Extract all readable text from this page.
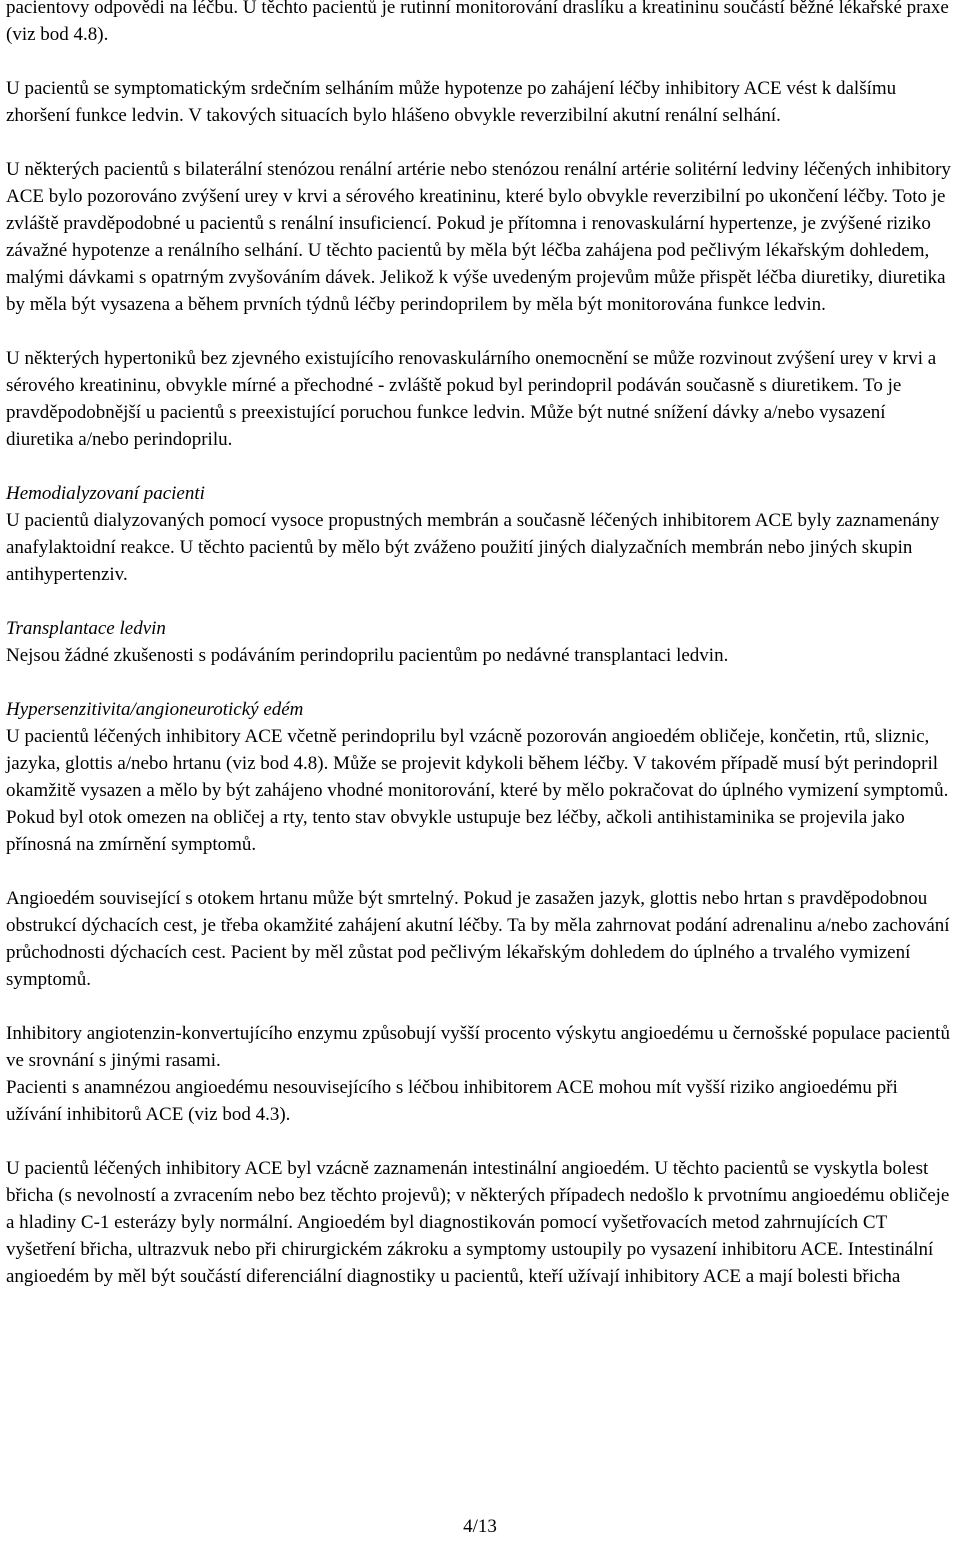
pacientovy odpovědi na léčbu. U těchto pacientů je rutinní monitorování draslíku a kreatininu součástí běžné lékařské praxe (viz bod 4.8).

U pacientů se symptomatickým srdečním selháním může hypotenze po zahájení léčby inhibitory ACE vést k dalšímu zhoršení funkce ledvin. V takových situacích bylo hlášeno obvykle reverzibilní akutní renální selhání.

U některých pacientů s bilaterální stenózou renální artérie nebo stenózou renální artérie solitérní ledviny léčených inhibitory ACE bylo pozorováno zvýšení urey v krvi a sérového kreatininu, které bylo obvykle reverzibilní po ukončení léčby. Toto je zvláště pravděpodobné u pacientů s renální insuficiencí. Pokud je přítomna i renovaskulární hypertenze, je zvýšené riziko závažné hypotenze a renálního selhání. U těchto pacientů by měla být léčba zahájena pod pečlivým lékařským dohledem, malými dávkami s opatrným zvyšováním dávek. Jelikož k výše uvedeným projevům může přispět léčba diuretiky, diuretika by měla být vysazena a během prvních týdnů léčby perindoprilem by měla být monitorována funkce ledvin.

U některých hypertoniků bez zjevného existujícího renovaskulárního onemocnění se může rozvinout zvýšení urey v krvi a sérového kreatininu, obvykle mírné a přechodné - zvláště pokud byl perindopril podáván současně s diuretikem. To je pravděpodobnější u pacientů s preexistující poruchou funkce ledvin. Může být nutné snížení dávky a/nebo vysazení diuretika a/nebo perindoprilu.

Hemodialyzovaní pacienti
U pacientů dialyzovaných pomocí vysoce propustných membrán a současně léčených inhibitorem ACE byly zaznamenány anafylaktoidní reakce. U těchto pacientů by mělo být zváženo použití jiných dialyzačních membrán nebo jiných skupin antihypertenziv.

Transplantace ledvin
Nejsou žádné zkušenosti s podáváním perindoprilu pacientům po nedávné transplantaci ledvin.

Hypersenzitivita/angioneurotický edém
U pacientů léčených inhibitory ACE včetně perindoprilu byl vzácně pozorován angioedém obličeje, končetin, rtů, sliznic, jazyka, glottis a/nebo hrtanu (viz bod 4.8). Může se projevit kdykoli během léčby. V takovém případě musí být perindopril okamžitě vysazen a mělo by být zahájeno vhodné monitorování, které by mělo pokračovat do úplného vymizení symptomů. Pokud byl otok omezen na obličej a rty, tento stav obvykle ustupuje bez léčby, ačkoli antihistaminika se projevila jako přínosná na zmírnění symptomů.

Angioedém související s otokem hrtanu může být smrtelný. Pokud je zasažen jazyk, glottis nebo hrtan s pravděpodobnou obstrukcí dýchacích cest, je třeba okamžité zahájení akutní léčby. Ta by měla zahrnovat podání adrenalinu a/nebo zachování průchodnosti dýchacích cest. Pacient by měl zůstat pod pečlivým lékařským dohledem do úplného a trvalého vymizení symptomů.

Inhibitory angiotenzin-konvertujícího enzymu způsobují vyšší procento výskytu angioedému u černošské populace pacientů ve srovnání s jinými rasami.

Pacienti s anamnézou angioedému nesouvisejícího s léčbou inhibitorem ACE mohou mít vyšší riziko angioedému při užívání inhibitorů ACE (viz bod 4.3).

U pacientů léčených inhibitory ACE byl vzácně zaznamenán intestinální angioedém. U těchto pacientů se vyskytla bolest břicha (s nevolností a zvracením nebo bez těchto projevů); v některých případech nedošlo k prvotnímu angioedému obličeje a hladiny C-1 esterázy byly normální. Angioedém byl diagnostikován pomocí vyšetřovacích metod zahrnujících CT vyšetření břicha, ultrazvuk nebo při chirurgickém zákroku a symptomy ustoupily po vysazení inhibitoru ACE. Intestinální angioedém by měl být součástí diferenciální diagnostiky u pacientů, kteří užívají inhibitory ACE a mají bolesti břicha

4/13
